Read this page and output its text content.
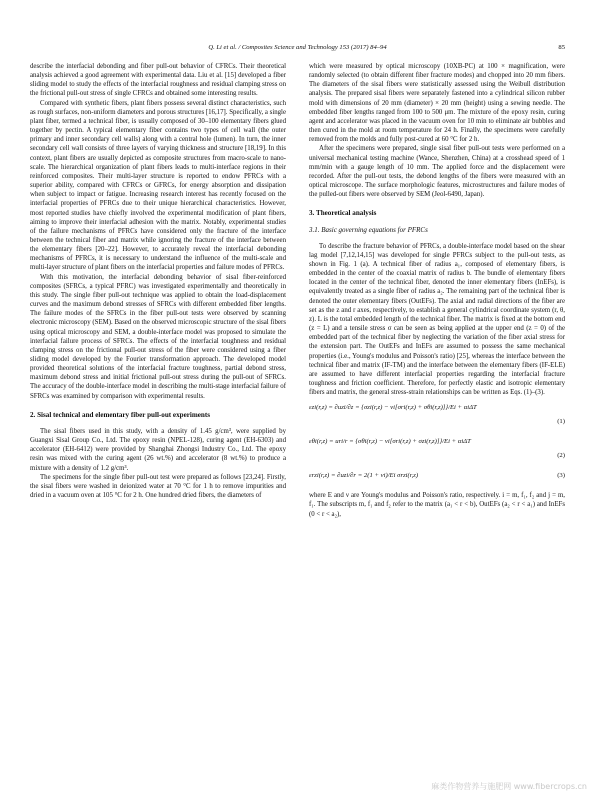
Q. Li et al. / Composites Science and Technology 153 (2017) 84–94	85

describe the interfacial debonding and fiber pull-out behavior of CFRCs. Their theoretical analysis achieved a good agreement with experimental data. Liu et al. [15] developed a fiber sliding model to study the effects of the interfacial roughness and residual clamping stress on the frictional pull-out stress of single CFRCs and obtained some interesting results.

Compared with synthetic fibers, plant fibers possess several distinct characteristics, such as rough surfaces, non-uniform diameters and porous structures [16,17]. Specifically, a single plant fiber, termed a technical fiber, is usually composed of 30–100 elementary fibers glued together by pectin. A typical elementary fiber contains two types of cell wall (the outer primary and inner secondary cell walls) along with a central hole (lumen). In turn, the inner secondary cell wall consists of three layers of varying thickness and structure [18,19]. In this context, plant fibers are usually depicted as composite structures from macro-scale to nano-scale. The hierarchical organization of plant fibers leads to multi-interface regions in their reinforced composites. Their multi-layer structure is reported to endow PFRCs with a superior ability, compared with CFRCs or GFRCs, for energy absorption and dissipation when subject to impact or fatigue. Increasing research interest has recently focused on the interfacial properties of PFRCs due to their unique hierarchical characteristics. However, most reported studies have chiefly involved the experimental modification of plant fibers, aiming to improve their interfacial adhesion with the matrix. Notably, experimental studies of the failure mechanisms of PFRCs have considered only the fracture of the interface between the technical fiber and matrix while ignoring the fracture of the interface between the elementary fibers [20–22]. However, to accurately reveal the interfacial debonding mechanisms of PFRCs, it is necessary to understand the influence of the multi-scale and multi-layer structure of plant fibers on the interfacial properties and failure modes of PFRCs.

With this motivation, the interfacial debonding behavior of sisal fiber-reinforced composites (SFRCs, a typical PFRC) was investigated experimentally and theoretically in this study. The single fiber pull-out technique was applied to obtain the load-displacement curves and the maximum debond stresses of SFRCs with different embedded fiber lengths. The failure modes of the SFRCs in the fiber pull-out tests were observed by scanning electronic microscopy (SEM). Based on the observed microscopic structure of the sisal fibers using optical microscopy and SEM, a double-interface model was proposed to simulate the interfacial failure process of SFRCs. The effects of the interfacial toughness and residual clamping stress on the frictional pull-out stress of the fiber were considered using a fiber sliding model developed by the Fourier transformation approach. The developed model provided theoretical solutions of the interfacial fracture toughness, partial debond stress, maximum debond stress and initial frictional pull-out stress during the pull-out of SFRCs. The accuracy of the double-interface model in describing the multi-stage interfacial failure of SFRCs was examined by comparison with experimental results.

2. Sisal technical and elementary fiber pull-out experiments

The sisal fibers used in this study, with a density of 1.45 g/cm³, were supplied by Guangxi Sisal Group Co., Ltd. The epoxy resin (NPEL-128), curing agent (EH-6303) and accelerator (EH-6412) were provided by Shanghai Zhongsi Industry Co., Ltd. The epoxy resin was mixed with the curing agent (26 wt.%) and accelerator (8 wt.%) to produce a mixture with a density of 1.2 g/cm³.

The specimens for the single fiber pull-out test were prepared as follows [23,24]. Firstly, the sisal fibers were washed in deionized water at 70 °C for 1 h to remove impurities and dried in a vacuum oven at 105 °C for 2 h. One hundred dried fibers, the diameters of

which were measured by optical microscopy (10XB-PC) at 100 × magnification, were randomly selected (to obtain different fiber fracture modes) and chopped into 20 mm fibers. The diameters of the sisal fibers were statistically assessed using the Weibull distribution analysis. The prepared sisal fibers were separately fastened into a cylindrical silicon rubber mold with dimensions of 20 mm (diameter) × 20 mm (height) using a sewing needle. The embedded fiber lengths ranged from 100 to 500 μm. The mixture of the epoxy resin, curing agent and accelerator was placed in the vacuum oven for 10 min to eliminate air bubbles and then cured in the mold at room temperature for 24 h. Finally, the specimens were carefully removed from the molds and fully post-cured at 60 °C for 2 h.

After the specimens were prepared, single sisal fiber pull-out tests were performed on a universal mechanical testing machine (Wance, Shenzhen, China) at a crosshead speed of 1 mm/min with a gauge length of 10 mm. The applied force and the displacement were recorded. After the pull-out tests, the debond lengths of the fibers were measured with an optical microscope. The surface morphologic features, microstructures and failure modes of the pulled-out fibers were observed by SEM (Jeol-6490, Japan).

3. Theoretical analysis
3.1. Basic governing equations for PFRCs

To describe the fracture behavior of PFRCs, a double-interface model based on the shear lag model [7,12,14,15] was developed for single PFRCs subject to the pull-out tests, as shown in Fig. 1 (a). A technical fiber of radius a₁, composed of elementary fibers, is embedded in the center of the coaxial matrix of radius b. The bundle of elementary fibers located in the center of the technical fiber, denoted the inner elementary fibers (InEFs), is equivalently treated as a single fiber of radius a₂. The remaining part of the technical fiber is denoted the outer elementary fibers (OutEFs). The axial and radial directions of the fiber are set as the z and r axes, respectively, to establish a general cylindrical coordinate system (r, θ, z). L is the total embedded length of the technical fiber. The matrix is fixed at the bottom end (z = L) and a tensile stress σ can be seen as being applied at the upper end (z = 0) of the embedded part of the technical fiber by neglecting the variation of the fiber axial stress for the extension part. The OutEFs and InEFs are assumed to possess the same mechanical properties (i.e., Young's modulus and Poisson's ratio) [25], whereas the interface between the technical fiber and matrix (IF-TM) and the interface between the elementary fibers (IF-ELE) are assumed to have different interfacial properties regarding the interfacial fracture toughness and friction coefficient. Therefore, for perfectly elastic and isotropic elementary fibers and matrix, the general stress-strain relationships can be written as Eqs. (1)–(3).

εzi(r,z) = ∂uzi/∂z = {σzi(r,z) − νi[σri(r,z) + σθi(r,z)]}/Ei + αiΔT
(1)
εθi(r,z) = uri/r = {σθi(r,z) − νi[σri(r,z) + σzi(r,z)]}/Ei + αiΔT
(2)
εrzi(r,z) = ∂uzi/∂r = 2(1 + νi)/Ei σrzi(r,z)	(3)

where E and ν are Young's modulus and Poisson's ratio, respectively. i = m, f₁, f₂ and j = m, f₁. The subscripts m, f₁ and f₂ refer to the matrix (a₁ < r < b), OutEFs (a₂ < r < a₁) and InEFs (0 < r < a₂),

麻类作物营养与施肥网 www.fibercrops.cn
